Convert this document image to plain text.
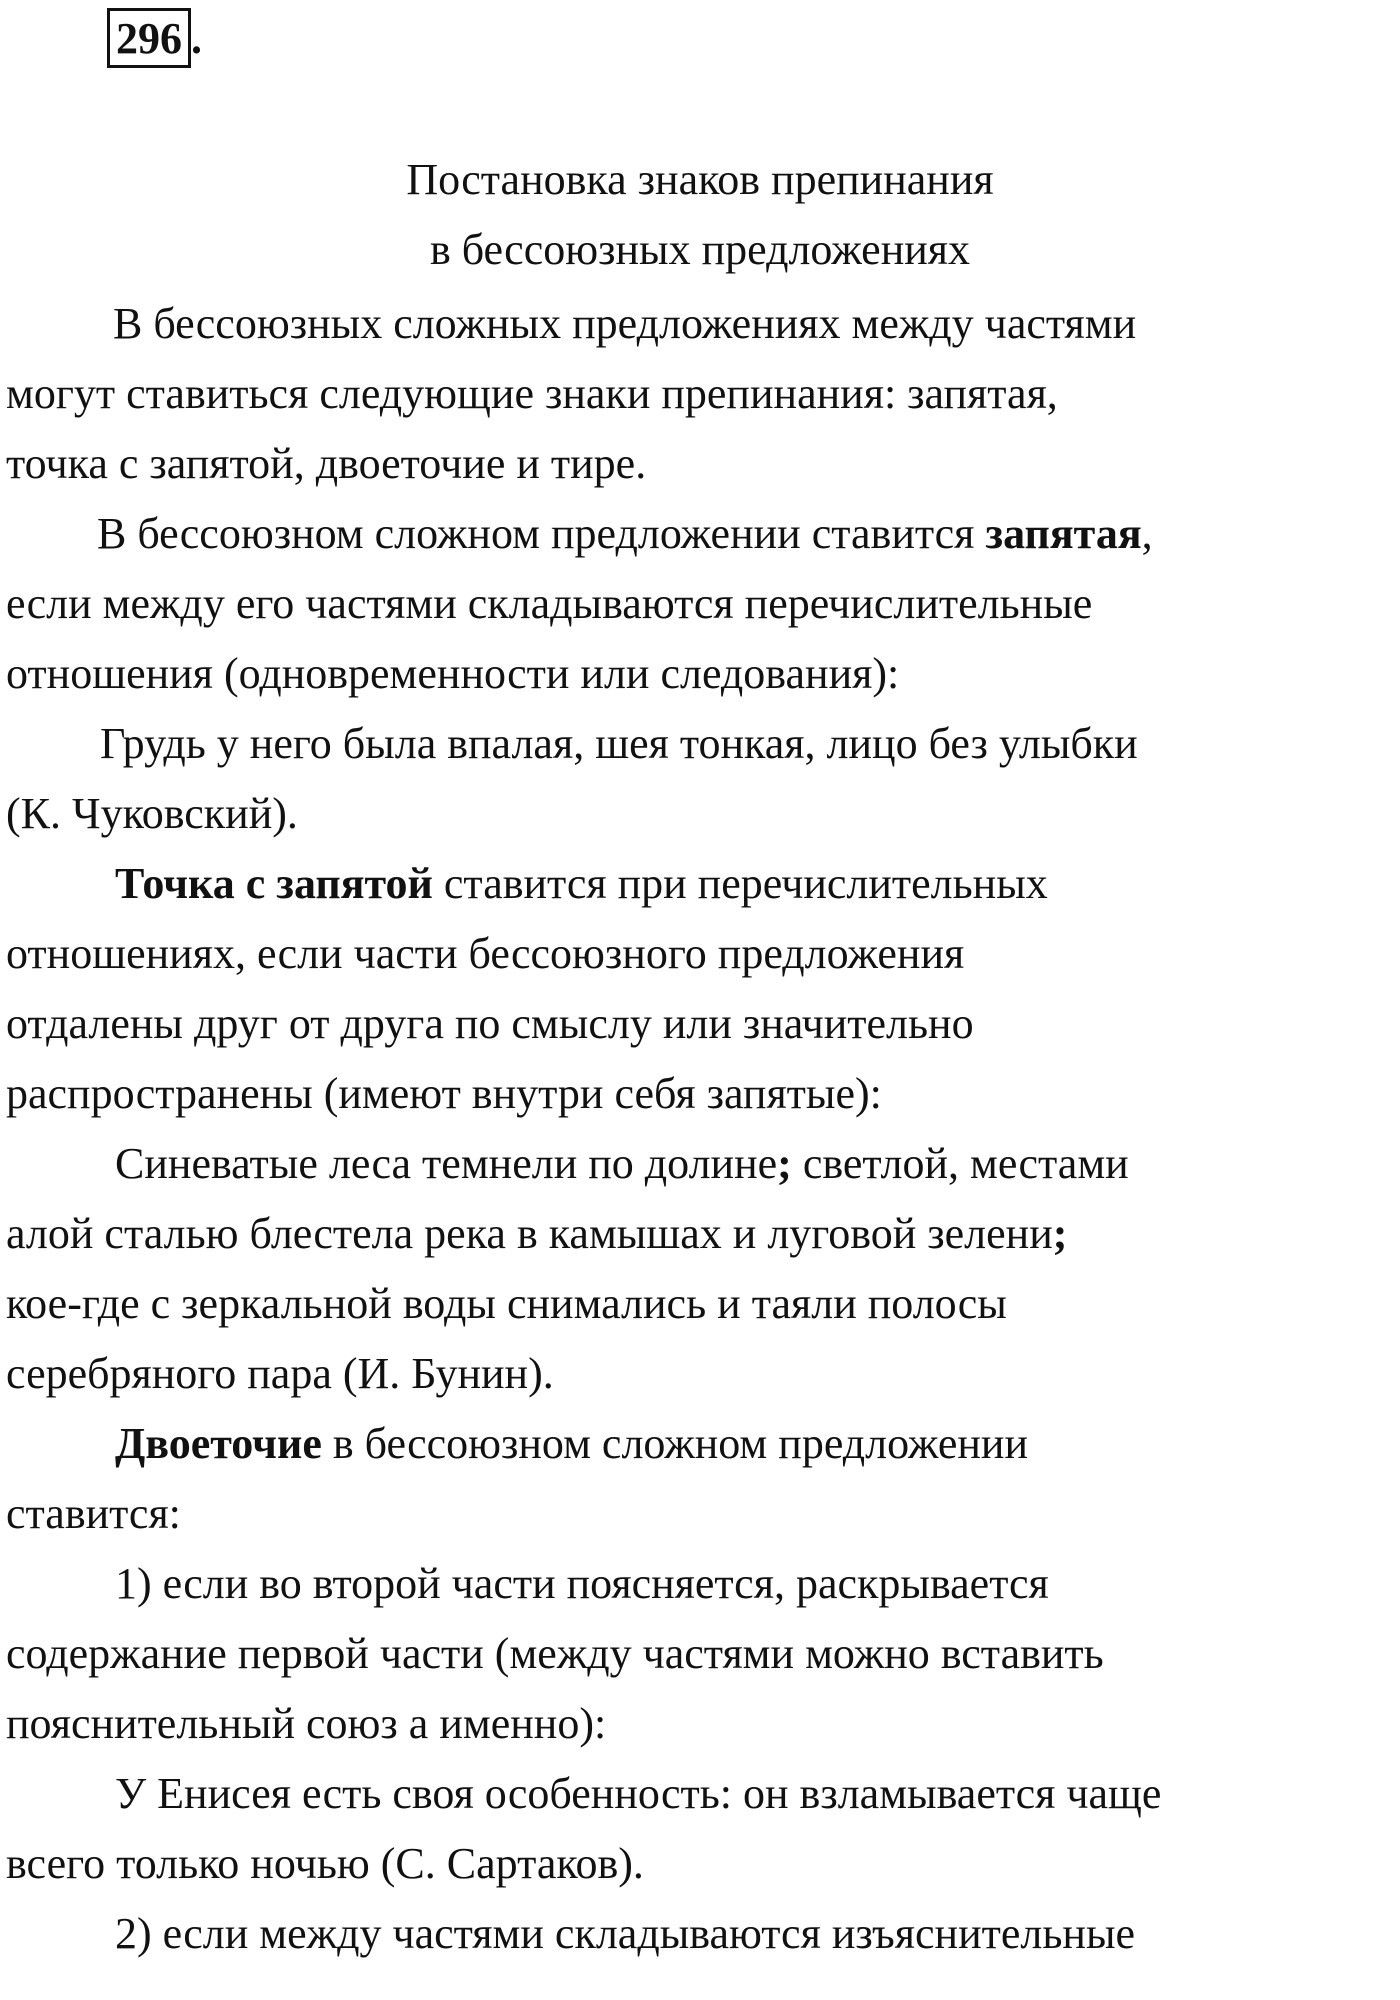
296 .
Постановка знаков препинания
в бессоюзных предложениях
В бессоюзных сложных предложениях между частями
могут ставиться следующие знаки препинания: запятая,
точка с запятой, двоеточие и тире.
В бессоюзном сложном предложении ставится запятая,
если между его частями складываются перечислительные
отношения (одновременности или следования):
Грудь у него была впалая, шея тонкая, лицо без улыбки
(К. Чуковский).
Точка с запятой ставится при перечислительных
отношениях, если части бессоюзного предложения
отдалены друг от друга по смыслу или значительно
распространены (имеют внутри себя запятые):
Синеватые леса темнели по долине; светлой, местами
алой сталью блестела река в камышах и луговой зелени;
кое-где с зеркальной воды снимались и таяли полосы
серебряного пара (И. Бунин).
Двоеточие в бессоюзном сложном предложении
ставится:
1) если во второй части поясняется, раскрывается
содержание первой части (между частями можно вставить
пояснительный союз а именно):
У Енисея есть своя особенность: он взламывается чаще
всего только ночью (С. Сартаков).
2) если между частями складываются изъяснительные
